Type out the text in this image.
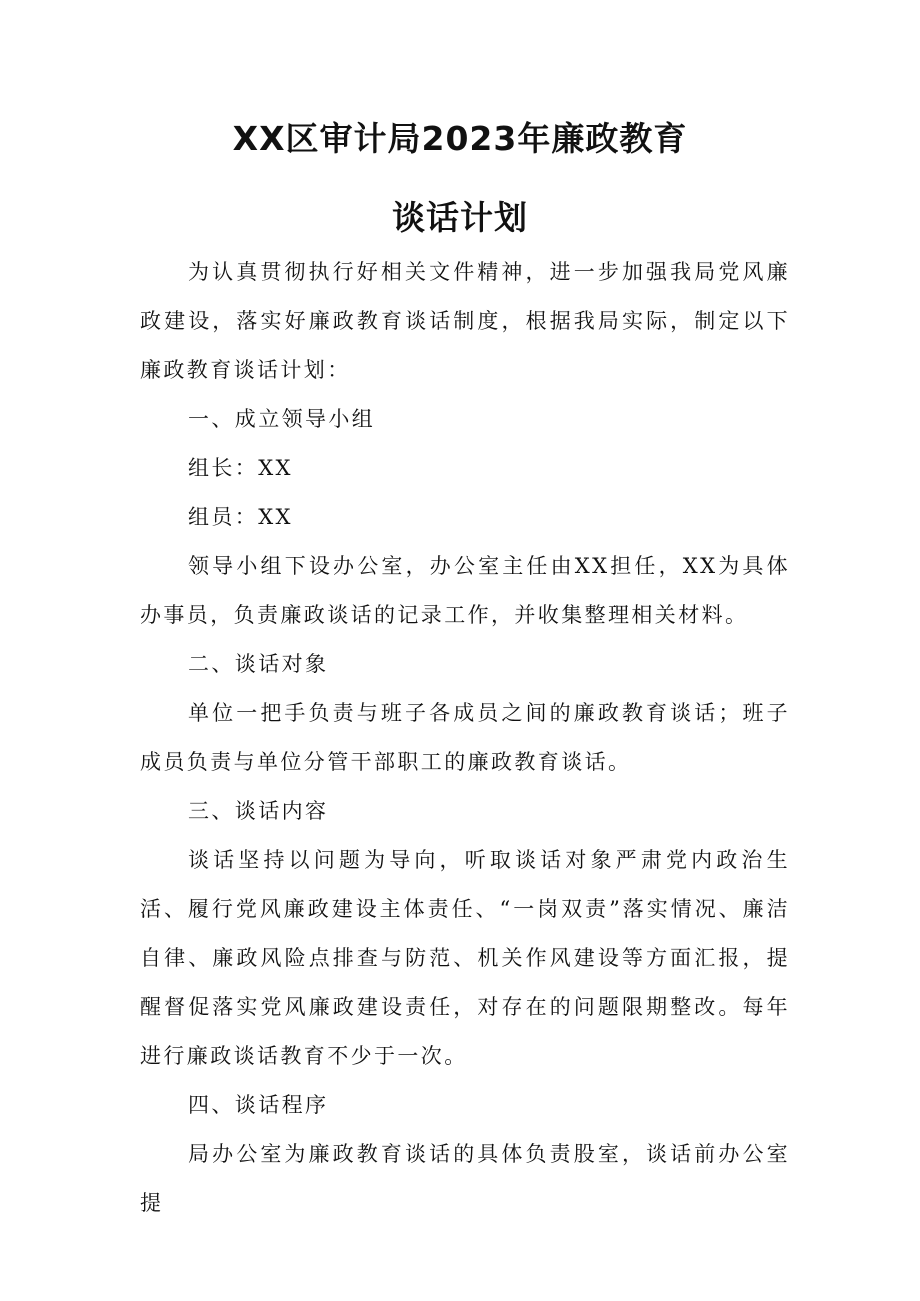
XX区审计局2023年廉政教育
谈话计划

为认真贯彻执行好相关文件精神，进一步加强我局党风廉政建设，落实好廉政教育谈话制度，根据我局实际，制定以下廉政教育谈话计划：

一、成立领导小组

组长：XX

组员：XX

领导小组下设办公室，办公室主任由XX担任，XX为具体办事员，负责廉政谈话的记录工作，并收集整理相关材料。

二、谈话对象

单位一把手负责与班子各成员之间的廉政教育谈话；班子成员负责与单位分管干部职工的廉政教育谈话。

三、谈话内容

谈话坚持以问题为导向，听取谈话对象严肃党内政治生活、履行党风廉政建设主体责任、“一岗双责”落实情况、廉洁自律、廉政风险点排查与防范、机关作风建设等方面汇报，提醒督促落实党风廉政建设责任，对存在的问题限期整改。每年进行廉政谈话教育不少于一次。

四、谈话程序

局办公室为廉政教育谈话的具体负责股室，谈话前办公室提
